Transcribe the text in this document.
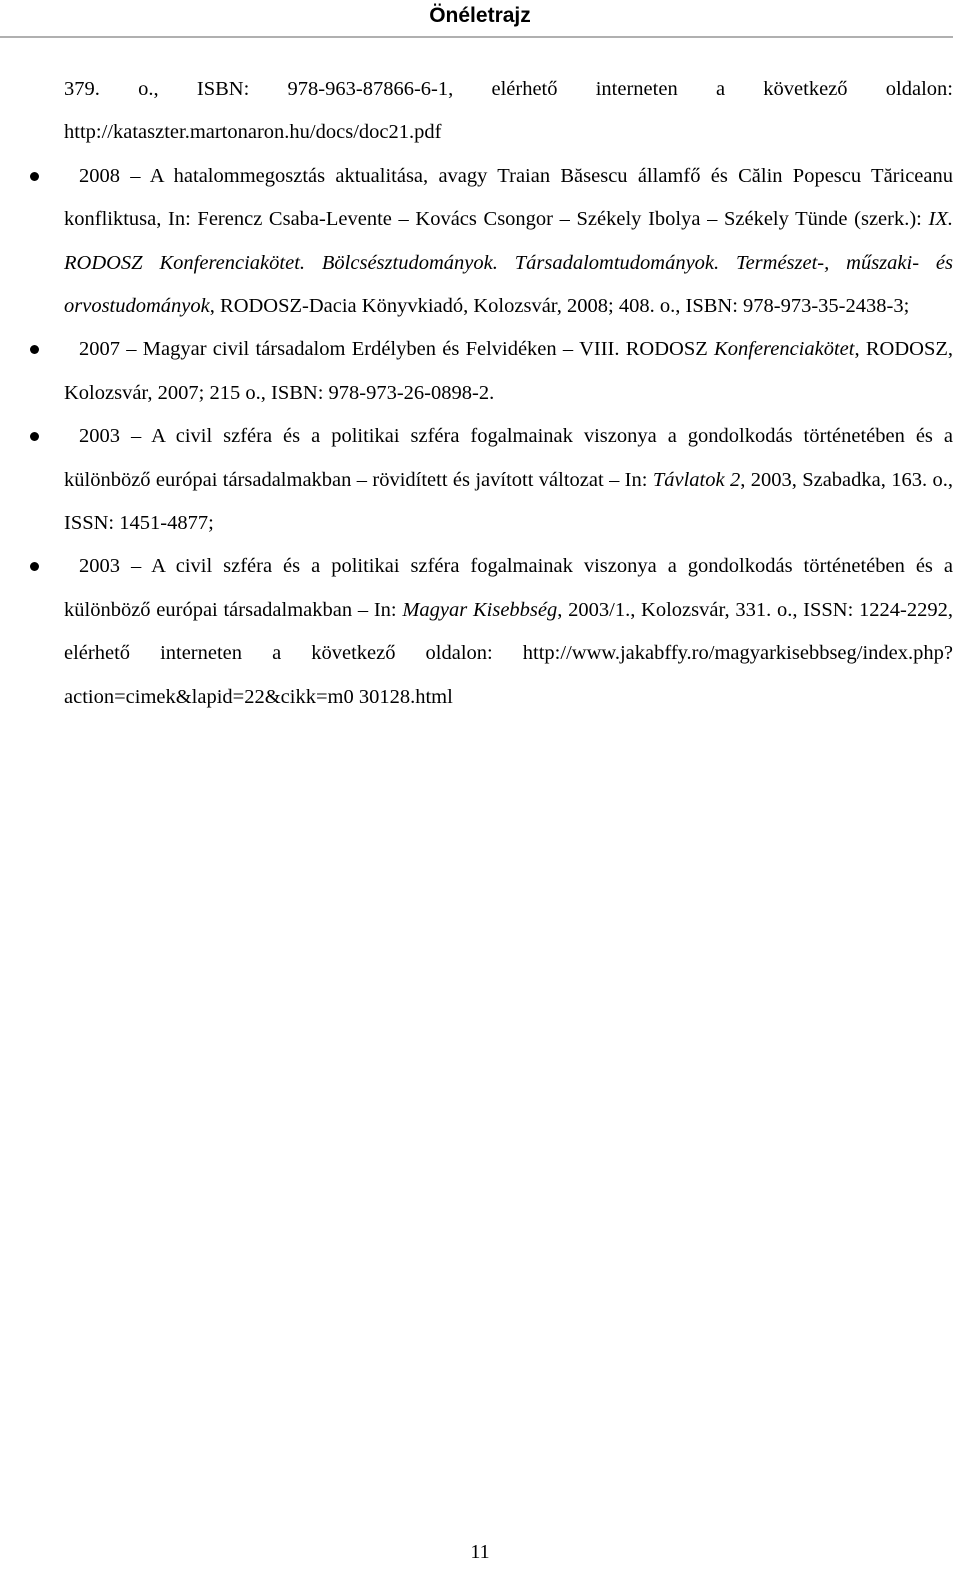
Önéletrajz

379. o., ISBN: 978-963-87866-6-1, elérhető interneten a következő oldalon: http://kataszter.martonaron.hu/docs/doc21.pdf

2008 – A hatalommegosztás aktualitása, avagy Traian Băsescu államfő és Călin Popescu Tăriceanu konfliktusa, In: Ferencz Csaba-Levente – Kovács Csongor – Székely Ibolya – Székely Tünde (szerk.): IX. RODOSZ Konferenciakötet. Bölcsésztudományok. Társadalomtudományok. Természet-, műszaki- és orvostudományok, RODOSZ-Dacia Könyvkiadó, Kolozsvár, 2008; 408. o., ISBN: 978-973-35-2438-3;

2007 – Magyar civil társadalom Erdélyben és Felvidéken – VIII. RODOSZ Konferenciakötet, RODOSZ, Kolozsvár, 2007; 215 o., ISBN: 978-973-26-0898-2.

2003 – A civil szféra és a politikai szféra fogalmainak viszonya a gondolkodás történetében és a különböző európai társadalmakban – rövidített és javított változat – In: Távlatok 2, 2003, Szabadka, 163. o., ISSN: 1451-4877;

2003 – A civil szféra és a politikai szféra fogalmainak viszonya a gondolkodás történetében és a különböző európai társadalmakban – In: Magyar Kisebbség, 2003/1., Kolozsvár, 331. o., ISSN: 1224-2292, elérhető interneten a következő oldalon: http://www.jakabffy.ro/magyarkisebbseg/index.php?action=cimek&lapid=22&cikk=m0 30128.html

11
